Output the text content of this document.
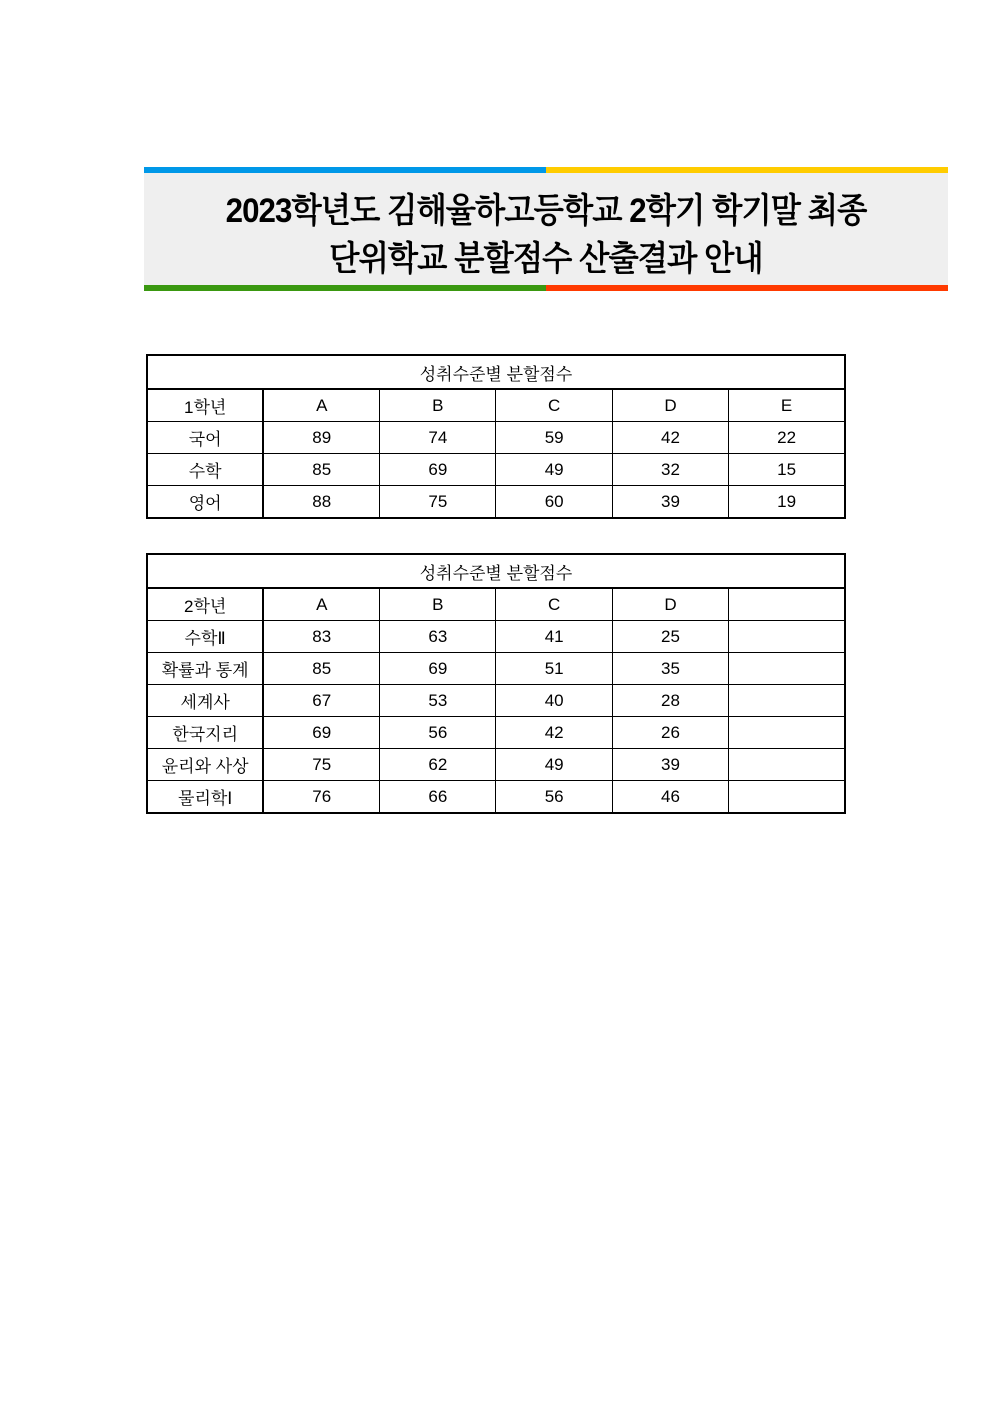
2023학년도 김해율하고등학교 2학기 학기말 최종
단위학교 분할점수 산출결과 안내
성취수준별 분할점수					
1학년	A	B	C	D	E
국어	89	74	59	42	22
수학	85	69	49	32	15
영어	88	75	60	39	19
성취수준별 분할점수					
2학년	A	B	C	D	
수학Ⅱ	83	63	41	25	
확률과 통계	85	69	51	35	
세계사	67	53	40	28	
한국지리	69	56	42	26	
윤리와 사상	75	62	49	39	
물리학Ⅰ	76	66	56	46	
